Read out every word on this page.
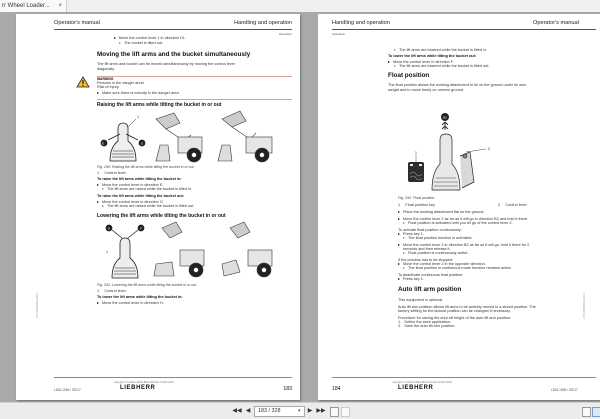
rr Wheel Loader... ×
Operator's manual	Handling and operation
Operation
Move the control lever 1 in direction D1.
The bucket is tilted out.
Moving the lift arms and the bucket simultaneously
The lift arms and bucket can be moved simultaneously by moving the control lever
diagonally.
WARNING
Persons in the danger area!
Risk of injury.
Make sure there is nobody in the danger area.
Raising the lift arms while tilting the bucket in or out
E	G
1
Fig. 290: Raising the lift arms while tilting the bucket in or out
1 Control lever
To raise the lift arms while tilting the bucket in:
Move the control lever in direction E.
The lift arms are raised while the bucket is tilted in.
To raise the lift arms while tilting the bucket out:
Move the control lever in direction G.
The lift arms are raised while the bucket is tilted out.
Lowering the lift arms while tilting the bucket in or out
H	F
1
Fig. 291: Lowering the lift arms while tilting the bucket in or out
1 Control lever
To lower the lift arms while tilting the bucket in:
Move the control lever in direction H.
LBH/12345678/EN/2019
L526-1556 / 39217
copyright © Liebherr-Werk Bischofshofen GmbH 2019
LIEBHERR	183
Handling and operation	Operator's manual
Operation
The lift arms are lowered while the bucket is tilted in.
To lower the lift arms while tilting the bucket out:
Move the control lever in direction F.
The lift arms are lowered while the bucket is tilted out.
Float position
The float position allows the working attachment to lie on the ground under its own
weight and to move freely on uneven ground.
B2
1
2
Fig. 292: Float position
1 Float position key	2 Control lever
Place the working attachment flat on the ground.
Move the control lever 2 as far as it will go in direction B2 and hold it there.
Float position is activated until you let go of the control lever 2.
To activate float position continuously:
Press key 1.
The float position function is activated.
Move the control lever 2 in direction B2 as far as it will go, hold it there for 2
seconds and then release it.
Float position is continuously active.
If the process has to be stopped:
Move the control lever 2 in the opposite direction.
The float position in continuous mode function remains active.
To deactivate continuous float position:
Press key 1.
Auto lift arm position
This equipment is optional.
Auto lift arm position allows lift arms to be actively moved to a stored position. The
factory setting for the kickout position can be changed if necessary.
Procedure for saving the shut-off height of the auto lift arm position:
1. Define the work application.
2. Save the auto lift arm position.
LBH/12345678/EN/2019
184
copyright © Liebherr-Werk Bischofshofen GmbH 2019
LIEBHERR	L526-1556 / 39217
◀◀ ◀	183 / 328	▾ ▶ ▶▶
